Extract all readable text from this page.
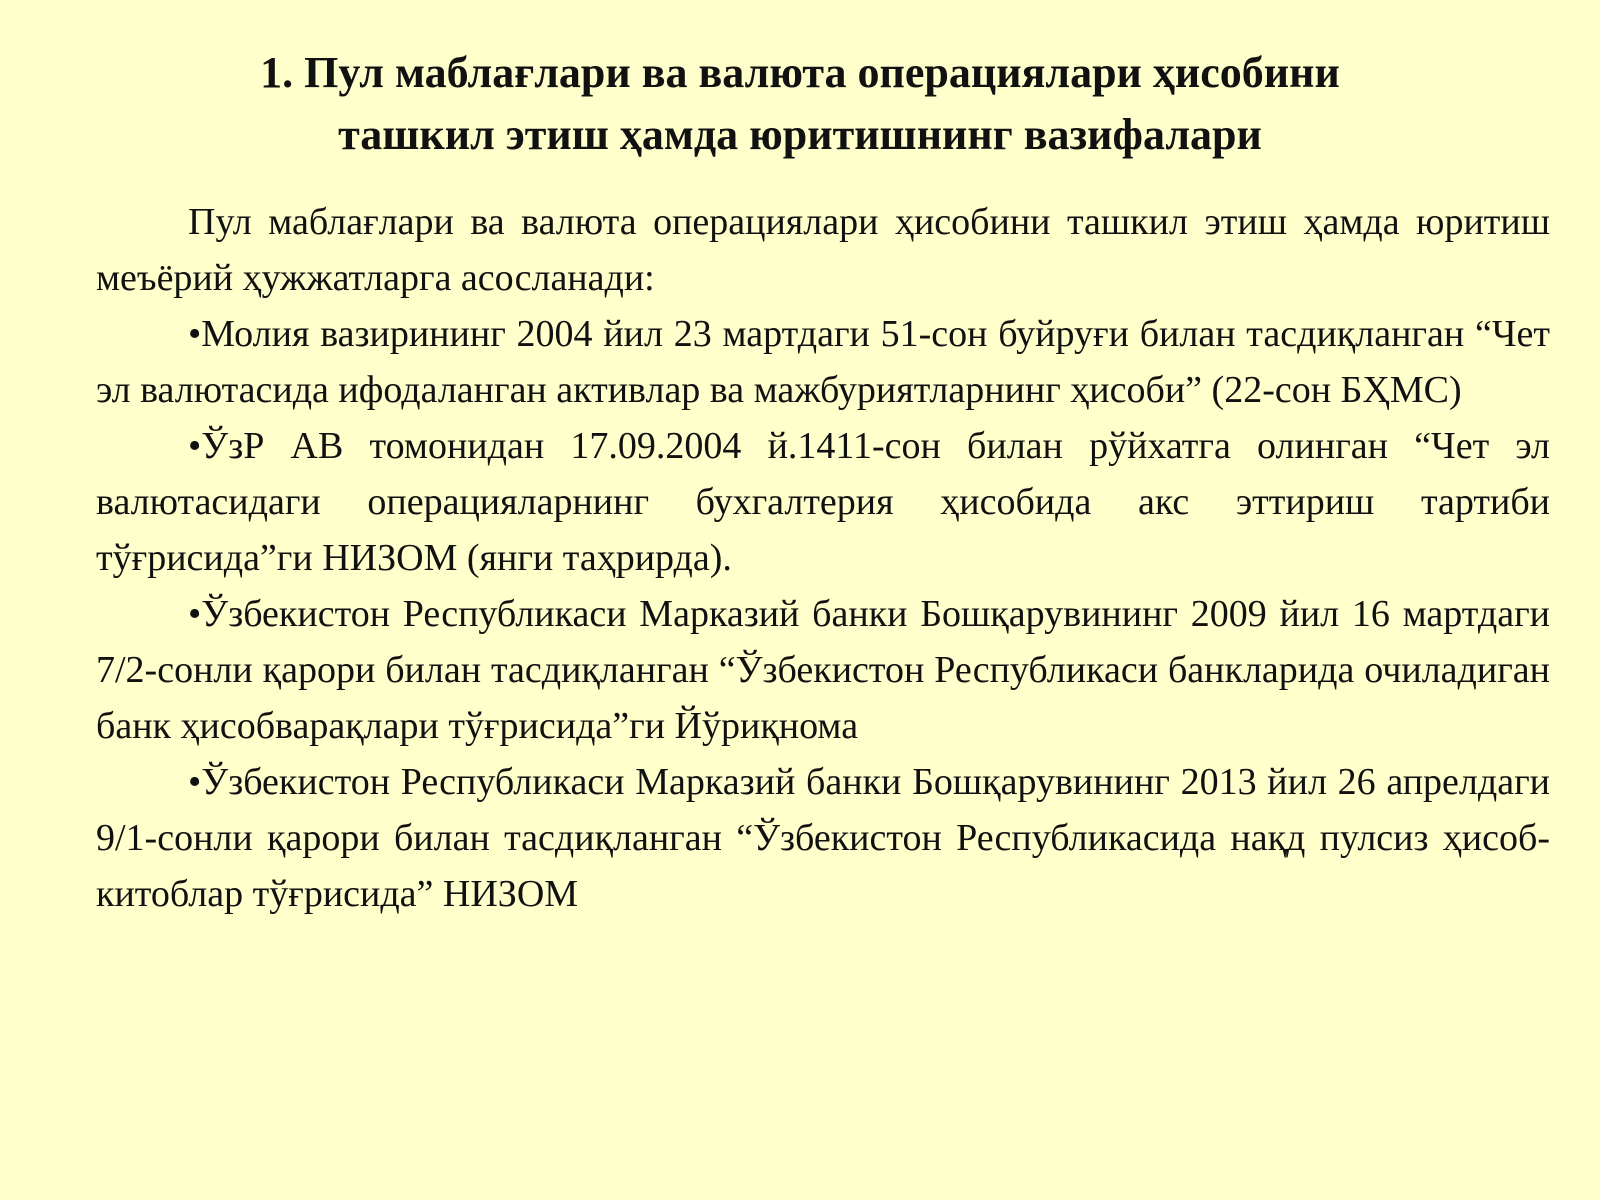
1. Пул маблағлари ва валюта операциялари ҳисобини
ташкил этиш ҳамда юритишнинг вазифалари

Пул маблағлари ва валюта операциялари ҳисобини ташкил этиш ҳамда юритиш меъёрий ҳужжатларга асосланади:

•Молия вазирининг 2004 йил 23 мартдаги 51-сон буйруғи билан тасдиқланган “Чет эл валютасида ифодаланган активлар ва мажбуриятларнинг ҳисоби” (22-сон БҲМС)

•ЎзР АВ томонидан 17.09.2004 й.1411-сон билан рўйхатга олинган “Чет эл валютасидаги операцияларнинг бухгалтерия ҳисобида акс эттириш тартиби тўғрисида”ги НИЗОМ (янги таҳрирда).

•Ўзбекистон Республикаси Марказий банки Бошқарувининг 2009 йил 16 мартдаги 7/2-сонли қарори билан тасдиқланган “Ўзбекистон Республикаси банкларида очиладиган банк ҳисобварақлари тўғрисида”ги Йўриқнома

•Ўзбекистон Республикаси Марказий банки Бошқарувининг 2013 йил 26 апрелдаги 9/1-сонли қарори билан тасдиқланган “Ўзбекистон Республикасида нақд пулсиз ҳисоб-китоблар тўғрисида” НИЗОМ
